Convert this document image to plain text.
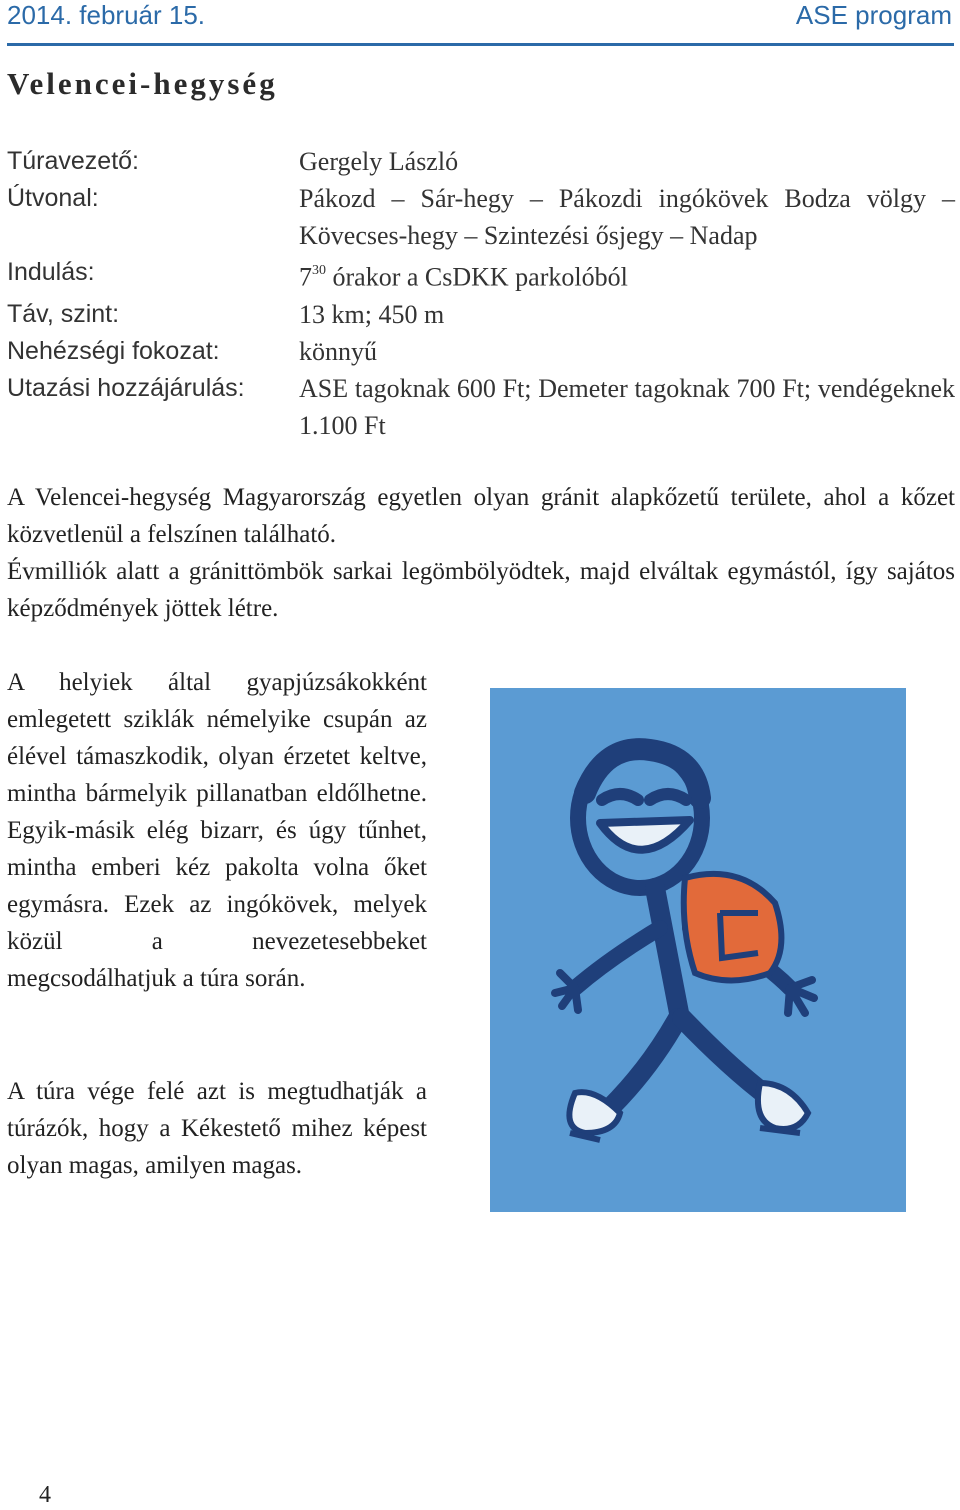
2014. február 15.	ASE program
Velencei-hegység
Túravezető:	Gergely László
Útvonal:	Pákozd – Sár-hegy – Pákozdi ingókövek Bodza völgy – Kövecses-hegy – Szintezési ősjegy – Nadap
Indulás:	$7^{30}$ órakor a CsDKK parkolóból
Táv, szint:	13 km; 450 m
Nehézségi fokozat:	könnyű
Utazási hozzájárulás:	ASE tagoknak 600 Ft; Demeter tagoknak 700 Ft; vendégeknek 1.100 Ft

A Velencei-hegység Magyarország egyetlen olyan gránit alapkőzetű területe, ahol a kőzet közvetlenül a felszínen található.

Évmilliók alatt a gránittömbök sarkai legömbölyödtek, majd elváltak egymástól, így sajátos képződmények jöttek létre.

A helyiek által gyapjúzsákokként emlegetett sziklák némelyike csupán az élével támaszkodik, olyan érzetet keltve, mintha bármelyik pillanatban eldőlhetne. Egyik-másik elég bizarr, és úgy tűnhet, mintha emberi kéz pakolta volna őket egymásra. Ezek az ingókövek, melyek közül a nevezetesebbeket megcsodálhatjuk a túra során.

A túra vége felé azt is megtudhatják a túrázók, hogy a Kékestető mihez képest olyan magas, amilyen magas.

4
